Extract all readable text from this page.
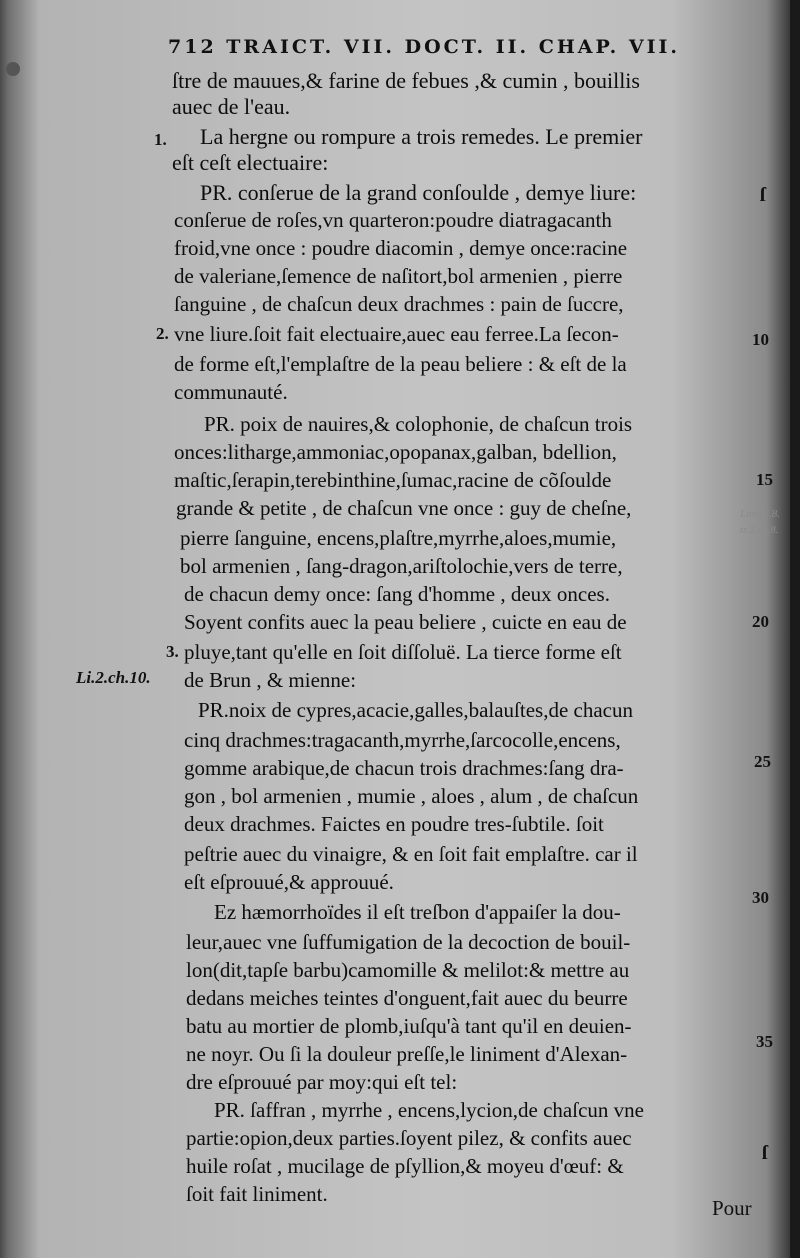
712 TRAICT. VII. DOCT. II. CHAP. VII.
ſtre de mauues,& farine de febues ,& cumin , bouillis
auec de l'eau.
La hergne ou rompure a trois remedes. Le premier
eſt ceſt electuaire:
PR. conſerue de la grand conſoulde , demye liure:
conſerue de roſes,vn quarteron:poudre diatragacanth
froid,vne once : poudre diacomin , demye once:racine
de valeriane,ſemence de naſitort,bol armenien , pierre
ſanguine , de chaſcun deux drachmes : pain de ſuccre,
vne liure.ſoit fait electuaire,auec eau ferree.La ſecon-
de forme eſt,l'emplaſtre de la peau beliere : & eſt de la
communauté.
PR. poix de nauires,& colophonie, de chaſcun trois
onces:litharge,ammoniac,opopanax,galban, bdellion,
maſtic,ſerapin,terebinthine,ſumac,racine de cõſoulde
grande & petite , de chaſcun vne once : guy de cheſne,
pierre ſanguine, encens,plaſtre,myrrhe,aloes,mumie,
bol armenien , ſang-dragon,ariſtolochie,vers de terre,
de chacun demy once: ſang d'homme , deux onces.
Soyent confits auec la peau beliere , cuicte en eau de
pluye,tant qu'elle en ſoit diſſoluë. La tierce forme eſt
de Brun , & mienne:
PR.noix de cypres,acacie,galles,balauſtes,de chacun
cinq drachmes:tragacanth,myrrhe,ſarcocolle,encens,
gomme arabique,de chacun trois drachmes:ſang dra-
gon , bol armenien , mumie , aloes , alum , de chaſcun
deux drachmes. Faictes en poudre tres-ſubtile. ſoit
peſtrie auec du vinaigre, & en ſoit fait emplaſtre. car il
eſt eſprouué,& approuué.
Ez hæmorrhoïdes il eſt treſbon d'appaiſer la dou-
leur,auec vne ſuffumigation de la decoction de bouil-
lon(dit,tapſe barbu)camomille & melilot:& mettre au
dedans meiches teintes d'onguent,fait auec du beurre
batu au mortier de plomb,iuſqu'à tant qu'il en deuien-
ne noyr. Ou ſi la douleur preſſe,le liniment d'Alexan-
dre eſprouué par moy:qui eſt tel:
PR. ſaffran , myrrhe , encens,lycion,de chaſcun vne
partie:opion,deux parties.ſoyent pilez, & confits auec
huile roſat , mucilage de pſyllion,& moyeu d'œuf: &
ſoit fait liniment.
1.
2.
3.
Li.2.ch.10.
10
15
20
25
30
35
ſ
ſ
Lanf.li.8.
tr.2.ch.8.
Pour
